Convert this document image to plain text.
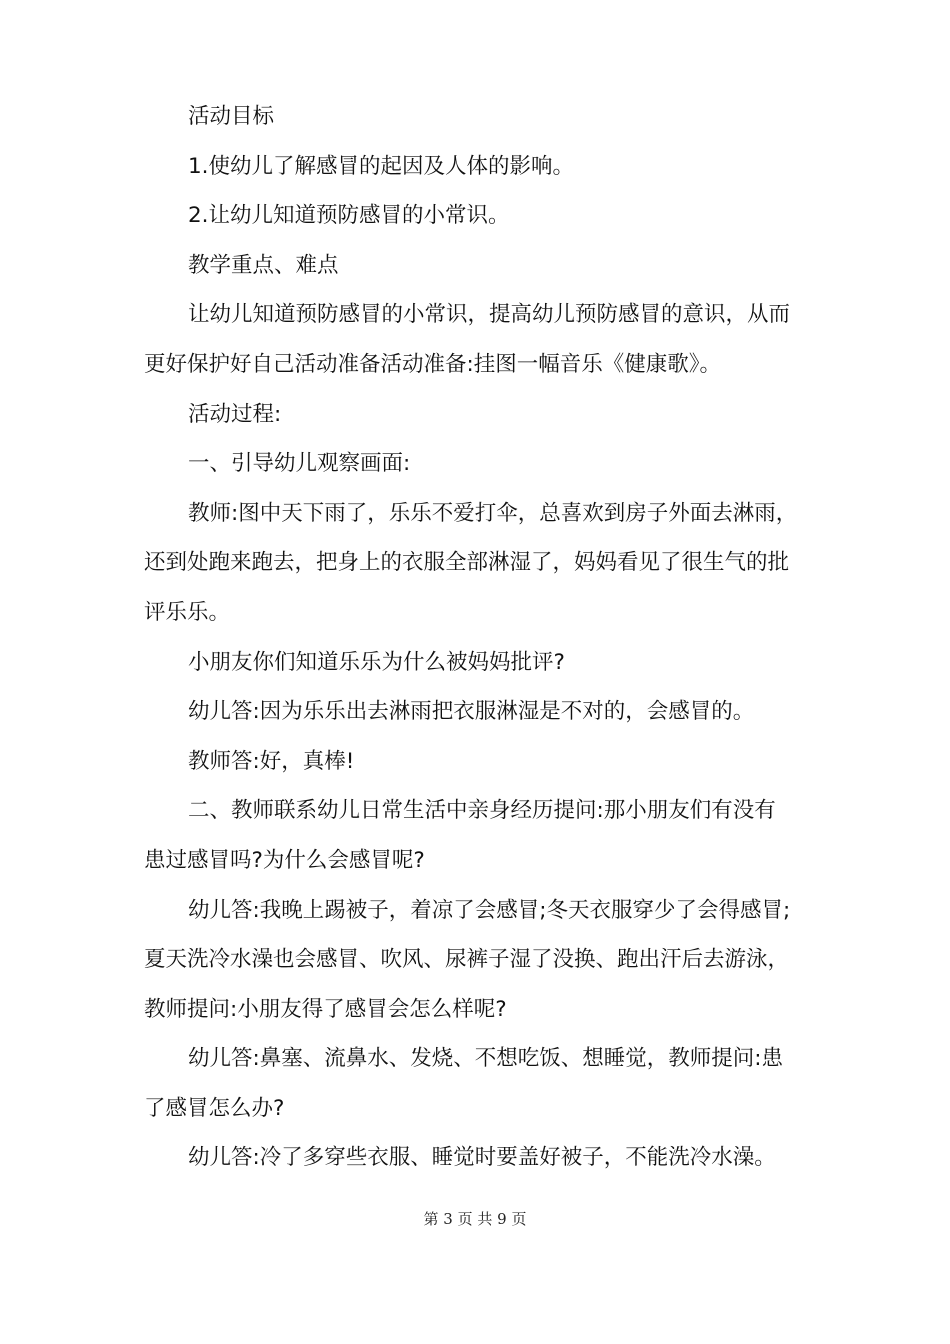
活动目标
1.使幼儿了解感冒的起因及人体的影响。
2.让幼儿知道预防感冒的小常识。
教学重点、难点
让幼儿知道预防感冒的小常识，提高幼儿预防感冒的意识，从而
更好保护好自己活动准备活动准备:挂图一幅音乐《健康歌》。
活动过程:
一、引导幼儿观察画面:
教师:图中天下雨了，乐乐不爱打伞，总喜欢到房子外面去淋雨，
还到处跑来跑去，把身上的衣服全部淋湿了，妈妈看见了很生气的批
评乐乐。
小朋友你们知道乐乐为什么被妈妈批评?
幼儿答:因为乐乐出去淋雨把衣服淋湿是不对的，会感冒的。
教师答:好，真棒!
二、教师联系幼儿日常生活中亲身经历提问:那小朋友们有没有
患过感冒吗?为什么会感冒呢?
幼儿答:我晚上踢被子，着凉了会感冒;冬天衣服穿少了会得感冒;
夏天洗冷水澡也会感冒、吹风、尿裤子湿了没换、跑出汗后去游泳，
教师提问:小朋友得了感冒会怎么样呢?
幼儿答:鼻塞、流鼻水、发烧、不想吃饭、想睡觉，教师提问:患
了感冒怎么办?
幼儿答:冷了多穿些衣服、睡觉时要盖好被子，不能洗冷水澡。
第 3 页 共 9 页
